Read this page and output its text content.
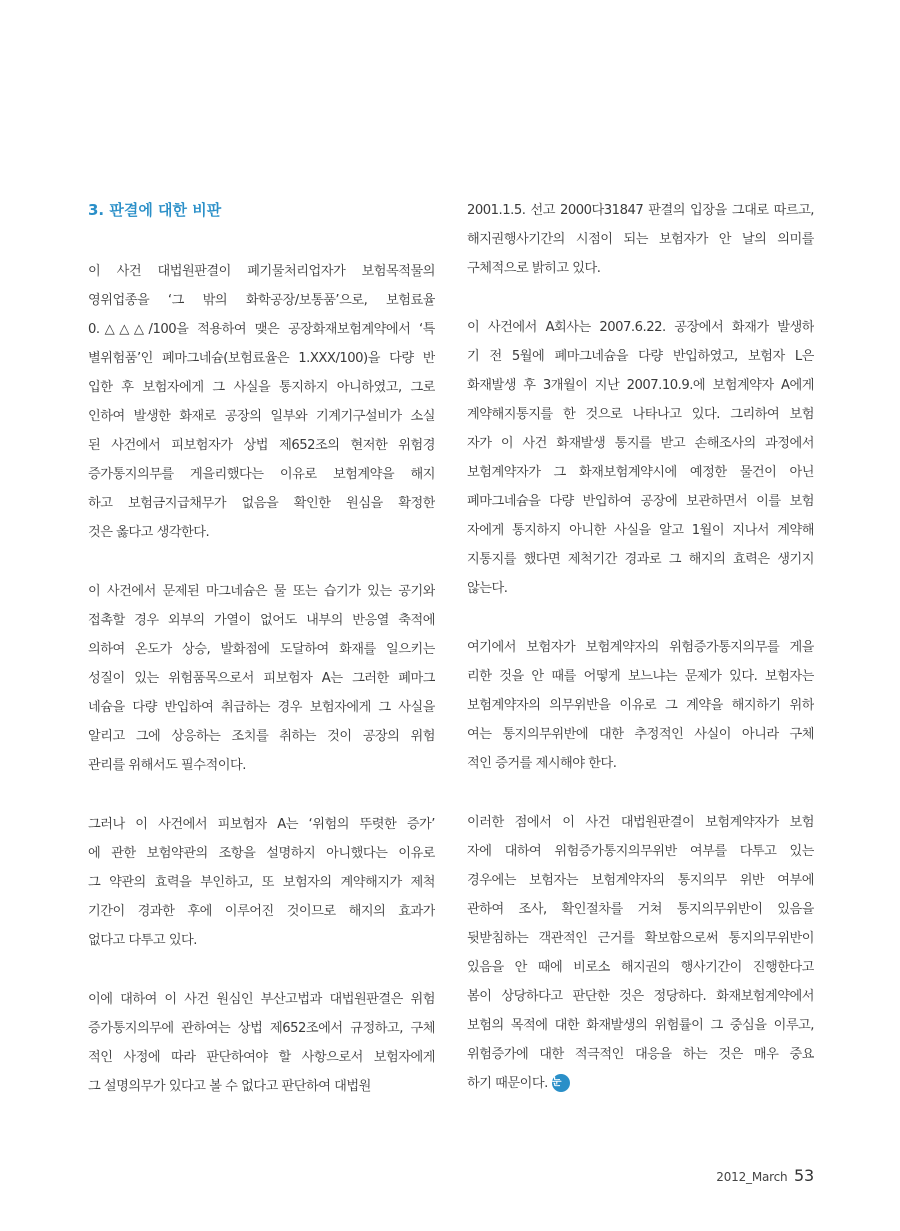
3. 판결에 대한 비판
이 사건 대법원판결이 폐기물처리업자가 보험목적물의
영위업종을 ‘그 밖의 화학공장/보통품’으로, 보험료율
0.△△△/100을 적용하여 맺은 공장화재보험계약에서 ‘특
별위험품’인 폐마그네슘(보험료율은 1.XXX/100)을 다량 반
입한 후 보험자에게 그 사실을 통지하지 아니하였고, 그로
인하여 발생한 화재로 공장의 일부와 기계기구설비가 소실
된 사건에서 피보험자가 상법 제652조의 현저한 위험경
증가통지의무를 게을리했다는 이유로 보험계약을 해지
하고 보험금지급채무가 없음을 확인한 원심을 확정한
것은 옳다고 생각한다.
이 사건에서 문제된 마그네슘은 물 또는 습기가 있는 공기와
접촉할 경우 외부의 가열이 없어도 내부의 반응열 축적에
의하여 온도가 상승, 발화점에 도달하여 화재를 일으키는
성질이 있는 위험품목으로서 피보험자 A는 그러한 폐마그
네슘을 다량 반입하여 취급하는 경우 보험자에게 그 사실을
알리고 그에 상응하는 조치를 취하는 것이 공장의 위험
관리를 위해서도 필수적이다.
그러나 이 사건에서 피보험자 A는 ‘위험의 뚜렷한 증가’
에 관한 보험약관의 조항을 설명하지 아니했다는 이유로
그 약관의 효력을 부인하고, 또 보험자의 계약해지가 제척
기간이 경과한 후에 이루어진 것이므로 해지의 효과가
없다고 다투고 있다.
이에 대하여 이 사건 원심인 부산고법과 대법원판결은 위험
증가통지의무에 관하여는 상법 제652조에서 규정하고, 구체
적인 사정에 따라 판단하여야 할 사항으로서 보험자에게
그 설명의무가 있다고 볼 수 없다고 판단하여 대법원
2001.1.5. 선고 2000다31847 판결의 입장을 그대로 따르고,
해지권행사기간의 시점이 되는 보험자가 안 날의 의미를
구체적으로 밝히고 있다.
이 사건에서 A회사는 2007.6.22. 공장에서 화재가 발생하
기 전 5월에 폐마그네슘을 다량 반입하였고, 보험자 L은
화재발생 후 3개월이 지난 2007.10.9.에 보험계약자 A에게
계약해지통지를 한 것으로 나타나고 있다. 그리하여 보험
자가 이 사건 화재발생 통지를 받고 손해조사의 과정에서
보험계약자가 그 화재보험계약시에 예정한 물건이 아닌
폐마그네슘을 다량 반입하여 공장에 보관하면서 이를 보험
자에게 통지하지 아니한 사실을 알고 1월이 지나서 계약해
지통지를 했다면 제척기간 경과로 그 해지의 효력은 생기지
않는다.
여기에서 보험자가 보험계약자의 위험증가통지의무를 게을
리한 것을 안 때를 어떻게 보느냐는 문제가 있다. 보험자는
보험계약자의 의무위반을 이유로 그 계약을 해지하기 위하
여는 통지의무위반에 대한 추정적인 사실이 아니라 구체
적인 증거를 제시해야 한다.
이러한 점에서 이 사건 대법원판결이 보험계약자가 보험
자에 대하여 위험증가통지의무위반 여부를 다투고 있는
경우에는 보험자는 보험계약자의 통지의무 위반 여부에
관하여 조사, 확인절차를 거쳐 통지의무위반이 있음을
뒷받침하는 객관적인 근거를 확보함으로써 통지의무위반이
있음을 안 때에 비로소 해지권의 행사기간이 진행한다고
봄이 상당하다고 판단한 것은 정당하다. 화재보험계약에서
보험의 목적에 대한 화재발생의 위험률이 그 중심을 이루고,
위험증가에 대한 적극적인 대응을 하는 것은 매우 중요
하기 때문이다. 눈
2012_March 53
